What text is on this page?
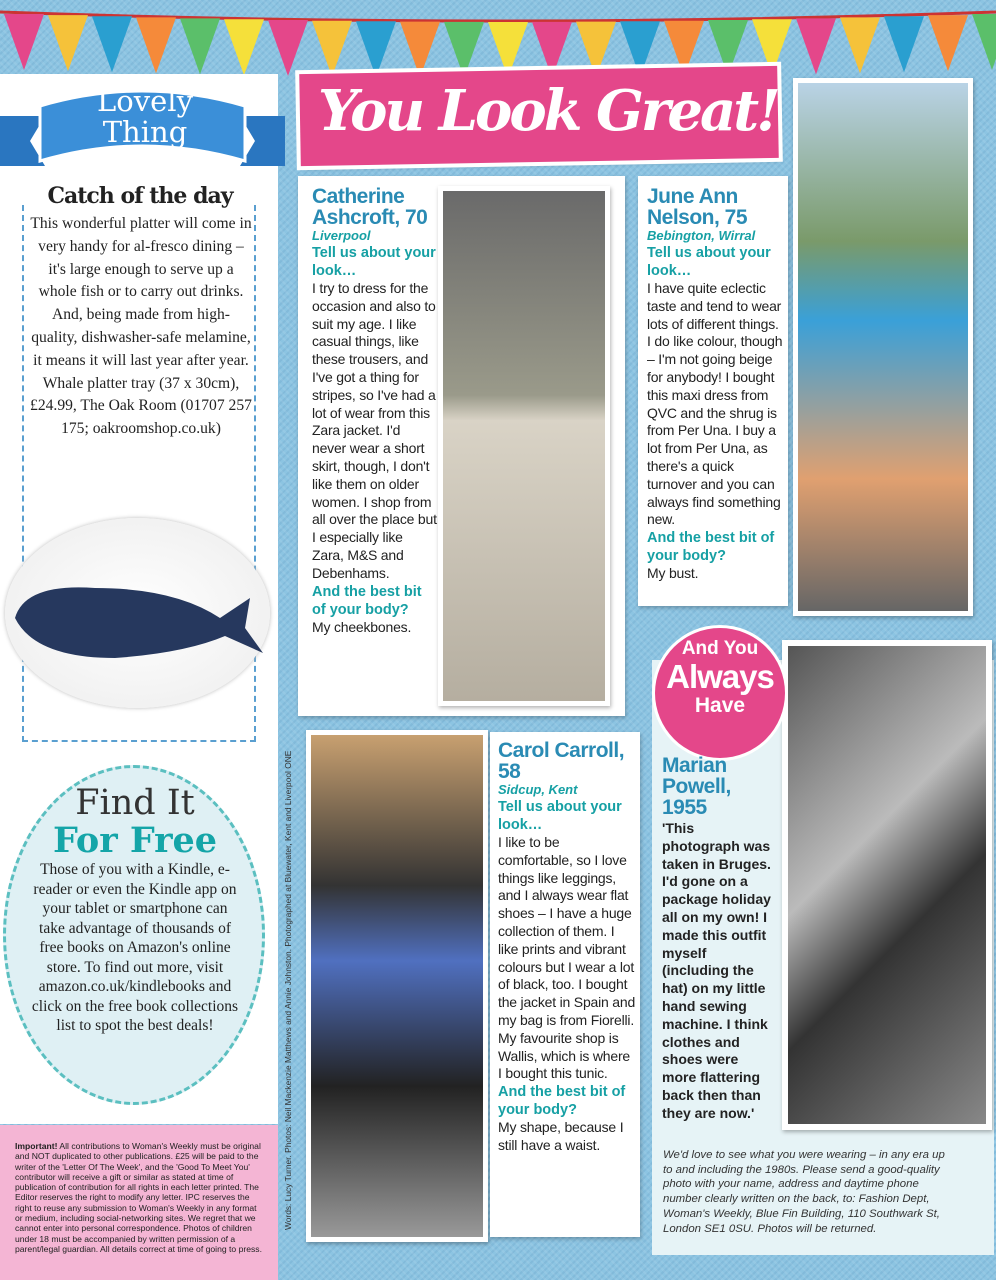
Lovely
Thing
Catch of the day
This wonderful platter will come in very handy for al-fresco dining – it's large enough to serve up a whole fish or to carry out drinks. And, being made from high-quality, dishwasher-safe melamine, it means it will last year after year. Whale platter tray (37 x 30cm), £24.99, The Oak Room (01707 257 175; oakroomshop.co.uk)
Find It
For Free
Those of you with a Kindle, e-reader or even the Kindle app on your tablet or smartphone can take advantage of thousands of free books on Amazon's online store. To find out more, visit amazon.co.uk/kindlebooks and click on the free book collections list to spot the best deals!
Important! All contributions to Woman's Weekly must be original and NOT duplicated to other publications. £25 will be paid to the writer of the 'Letter Of The Week', and the 'Good To Meet You' contributor will receive a gift or similar as stated at time of publication of contribution for all rights in each letter printed. The Editor reserves the right to modify any letter. IPC reserves the right to reuse any submission to Woman's Weekly in any format or medium, including social-networking sites. We regret that we cannot enter into personal correspondence. Photos of children under 18 must be accompanied by written permission of a parent/legal guardian. All details correct at time of going to press.
Words: Lucy Turner. Photos: Neil Mackenzie Matthews and Annie Johnston. Photographed at Bluewater, Kent and Liverpool ONE
You Look Great!
Catherine Ashcroft, 70
Liverpool
Tell us about your look…
I try to dress for the occasion and also to suit my age. I like casual things, like these trousers, and I've got a thing for stripes, so I've had a lot of wear from this Zara jacket. I'd never wear a short skirt, though, I don't like them on older women. I shop from all over the place but I especially like Zara, M&S and Debenhams.
And the best bit of your body?
My cheekbones.
June Ann Nelson, 75
Bebington, Wirral
Tell us about your look…
I have quite eclectic taste and tend to wear lots of different things. I do like colour, though – I'm not going beige for anybody! I bought this maxi dress from QVC and the shrug is from Per Una. I buy a lot from Per Una, as there's a quick turnover and you can always find something new.
And the best bit of your body?
My bust.
Carol Carroll, 58
Sidcup, Kent
Tell us about your look…
I like to be comfortable, so I love things like leggings, and I always wear flat shoes – I have a huge collection of them. I like prints and vibrant colours but I wear a lot of black, too. I bought the jacket in Spain and my bag is from Fiorelli. My favourite shop is Wallis, which is where I bought this tunic.
And the best bit of your body?
My shape, because I still have a waist.
And You
Always
Have
Marian Powell, 1955
'This photograph was taken in Bruges. I'd gone on a package holiday all on my own! I made this outfit myself (including the hat) on my little hand sewing machine. I think clothes and shoes were more flattering back then than they are now.'
We'd love to see what you were wearing – in any era up to and including the 1980s. Please send a good-quality photo with your name, address and daytime phone number clearly written on the back, to: Fashion Dept, Woman's Weekly, Blue Fin Building, 110 Southwark St, London SE1 0SU. Photos will be returned.
